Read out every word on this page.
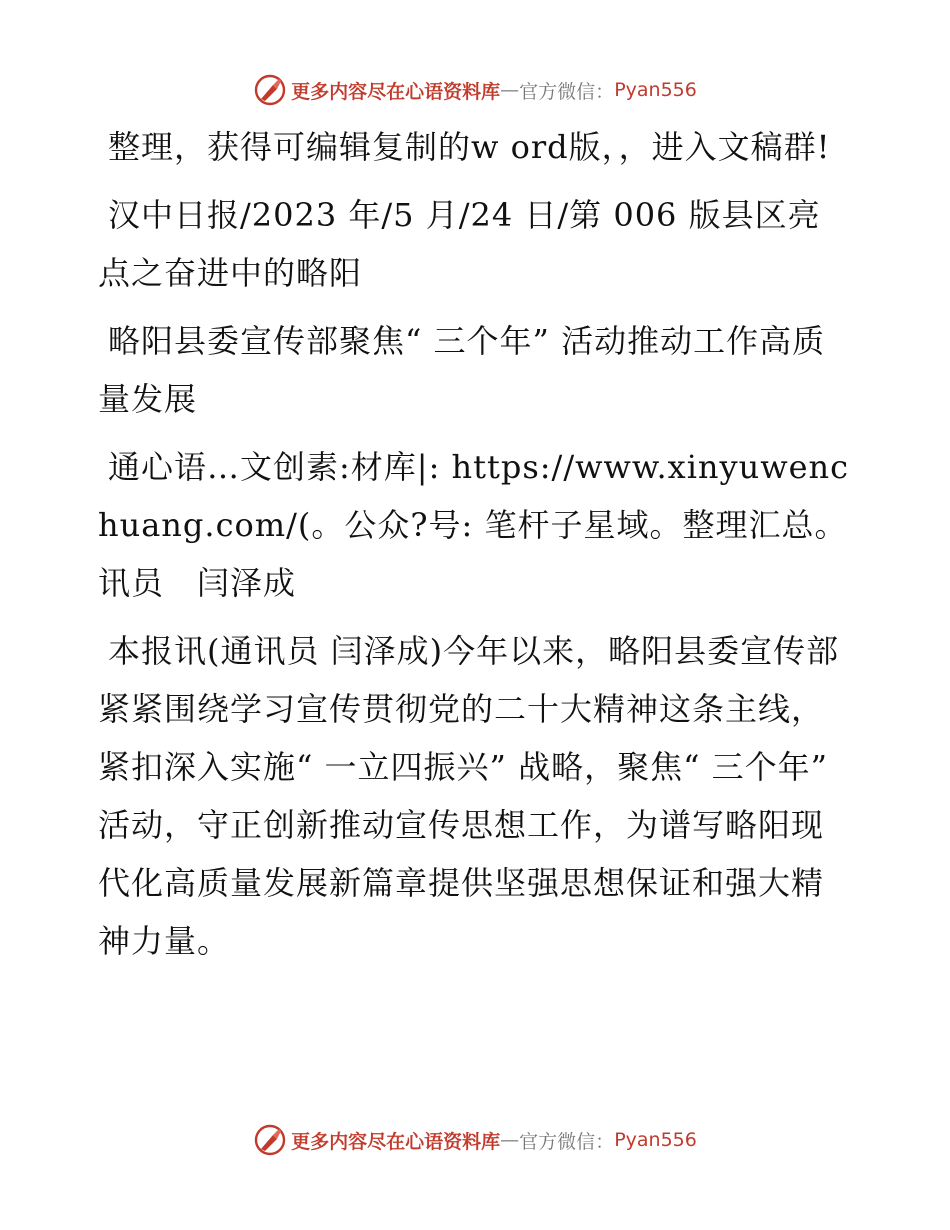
更多内容尽在心语资料库 — 官方微信： Pyan556

整理，获得可编辑复制的w ord版，，进入文稿群!

汉中日报/2023 年/5 月/24 日/第 006 版县区亮点之奋进中的略阳

略阳县委宣传部聚焦“ 三个年” 活动推动工作高质量发展

通心语…文创素:材库|: https://www.xinyuwenchuang.com/(。公众?号: 笔杆子星域。整理汇总。讯员　闫泽成

本报讯(通讯员 闫泽成)今年以来，略阳县委宣传部紧紧围绕学习宣传贯彻党的二十大精神这条主线，紧扣深入实施“ 一立四振兴” 战略，聚焦“ 三个年” 活动，守正创新推动宣传思想工作，为谱写略阳现代化高质量发展新篇章提供坚强思想保证和强大精神力量。

更多内容尽在心语资料库 — 官方微信： Pyan556
